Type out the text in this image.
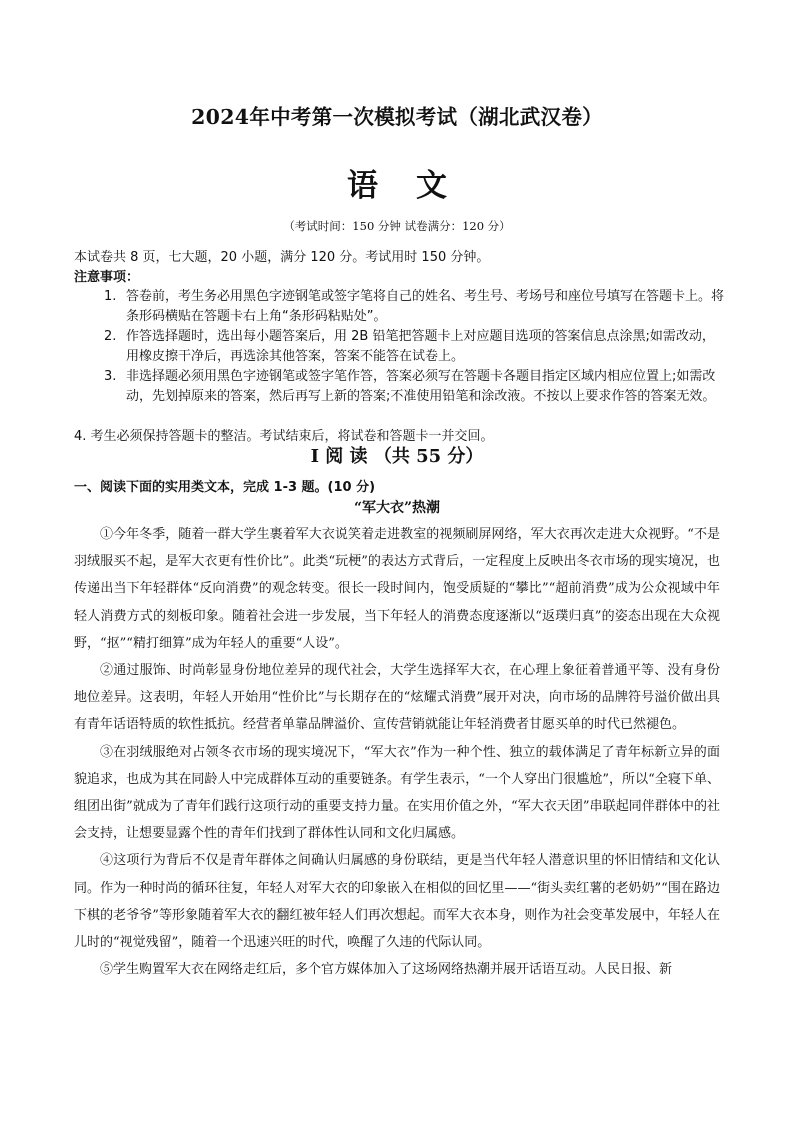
2024年中考第一次模拟考试（湖北武汉卷）
语 文
（考试时间：150 分钟 试卷满分：120 分）
本试卷共 8 页，七大题，20 小题，满分 120 分。考试用时 150 分钟。
注意事项：
1. 答卷前，考生务必用黑色字迹钢笔或签字笔将自己的姓名、考生号、考场号和座位号填写在答题卡上。将条形码横贴在答题卡右上角“条形码粘贴处”。
2. 作答选择题时，选出每小题答案后，用 2B 铅笔把答题卡上对应题目选项的答案信息点涂黑;如需改动，用橡皮擦干净后，再选涂其他答案，答案不能答在试卷上。
3. 非选择题必须用黑色字迹钢笔或签字笔作答，答案必须写在答题卡各题目指定区域内相应位置上;如需改动，先划掉原来的答案，然后再写上新的答案;不准使用铅笔和涂改液。不按以上要求作答的答案无效。
4. 考生必须保持答题卡的整洁。考试结束后，将试卷和答题卡一并交回。
Ⅰ 阅 读 （共 55 分）
一、阅读下面的实用类文本，完成 1-3 题。(10 分)
“军大衣”热潮

①今年冬季，随着一群大学生裹着军大衣说笑着走进教室的视频刷屏网络，军大衣再次走进大众视野。“不是羽绒服买不起，是军大衣更有性价比”。此类“玩梗”的表达方式背后，一定程度上反映出冬衣市场的现实境况，也传递出当下年轻群体“反向消费”的观念转变。很长一段时间内，饱受质疑的“攀比”“超前消费”成为公众视域中年轻人消费方式的刻板印象。随着社会进一步发展，当下年轻人的消费态度逐渐以“返璞归真”的姿态出现在大众视野，“抠”“精打细算”成为年轻人的重要“人设”。

②通过服饰、时尚彰显身份地位差异的现代社会，大学生选择军大衣，在心理上象征着普通平等、没有身份地位差异。这表明，年轻人开始用“性价比”与长期存在的“炫耀式消费”展开对决，向市场的品牌符号溢价做出具有青年话语特质的软性抵抗。经营者单靠品牌溢价、宣传营销就能让年轻消费者甘愿买单的时代已然褪色。

③在羽绒服绝对占领冬衣市场的现实境况下，“军大衣”作为一种个性、独立的载体满足了青年标新立异的面貌追求，也成为其在同龄人中完成群体互动的重要链条。有学生表示，“一个人穿出门很尴尬”，所以“全寝下单、组团出街”就成为了青年们践行这项行动的重要支持力量。在实用价值之外，“军大衣天团”串联起同伴群体中的社会支持，让想要显露个性的青年们找到了群体性认同和文化归属感。

④这项行为背后不仅是青年群体之间确认归属感的身份联结，更是当代年轻人潜意识里的怀旧情结和文化认同。作为一种时尚的循环往复，年轻人对军大衣的印象嵌入在相似的回忆里——“街头卖红薯的老奶奶”“围在路边下棋的老爷爷”等形象随着军大衣的翻红被年轻人们再次想起。而军大衣本身，则作为社会变革发展中，年轻人在儿时的“视觉残留”，随着一个迅速兴旺的时代，唤醒了久违的代际认同。

⑤学生购置军大衣在网络走红后，多个官方媒体加入了这场网络热潮并展开话语互动。人民日报、新
